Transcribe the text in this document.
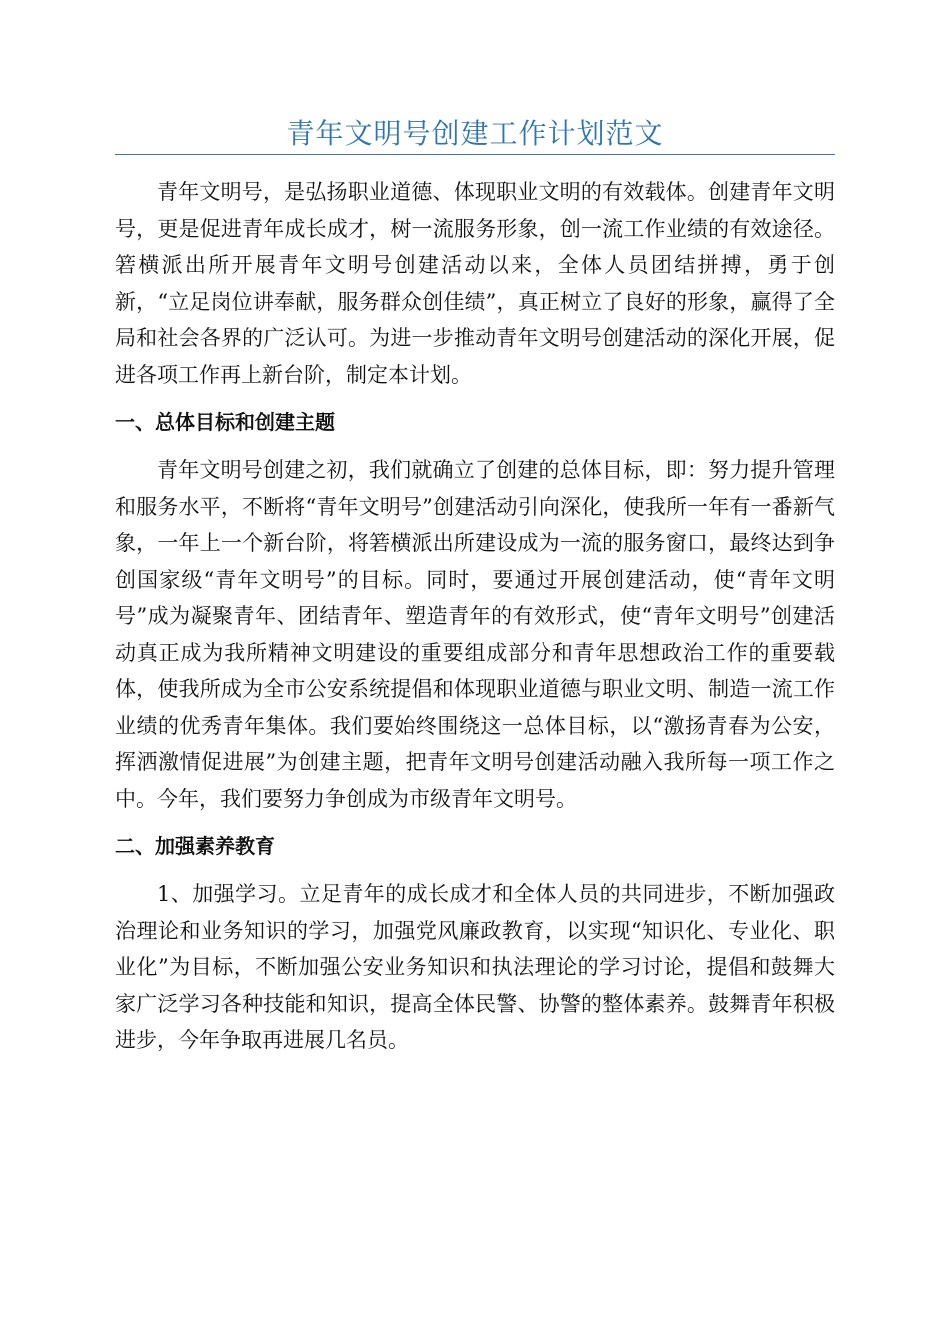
青年文明号创建工作计划范文

青年文明号，是弘扬职业道德、体现职业文明的有效载体。创建青年文明号，更是促进青年成长成才，树一流服务形象，创一流工作业绩的有效途径。箬横派出所开展青年文明号创建活动以来，全体人员团结拼搏，勇于创新，“立足岗位讲奉献，服务群众创佳绩”，真正树立了良好的形象，赢得了全局和社会各界的广泛认可。为进一步推动青年文明号创建活动的深化开展，促进各项工作再上新台阶，制定本计划。

一、总体目标和创建主题

青年文明号创建之初，我们就确立了创建的总体目标，即：努力提升管理和服务水平，不断将“青年文明号”创建活动引向深化，使我所一年有一番新气象，一年上一个新台阶，将箬横派出所建设成为一流的服务窗口，最终达到争创国家级“青年文明号”的目标。同时，要通过开展创建活动，使“青年文明号”成为凝聚青年、团结青年、塑造青年的有效形式，使“青年文明号”创建活动真正成为我所精神文明建设的重要组成部分和青年思想政治工作的重要载体，使我所成为全市公安系统提倡和体现职业道德与职业文明、制造一流工作业绩的优秀青年集体。我们要始终围绕这一总体目标，以“激扬青春为公安，挥洒激情促进展”为创建主题，把青年文明号创建活动融入我所每一项工作之中。今年，我们要努力争创成为市级青年文明号。

二、加强素养教育

1、加强学习。立足青年的成长成才和全体人员的共同进步，不断加强政治理论和业务知识的学习，加强党风廉政教育，以实现“知识化、专业化、职业化”为目标，不断加强公安业务知识和执法理论的学习讨论，提倡和鼓舞大家广泛学习各种技能和知识，提高全体民警、协警的整体素养。鼓舞青年积极进步，今年争取再进展几名员。
